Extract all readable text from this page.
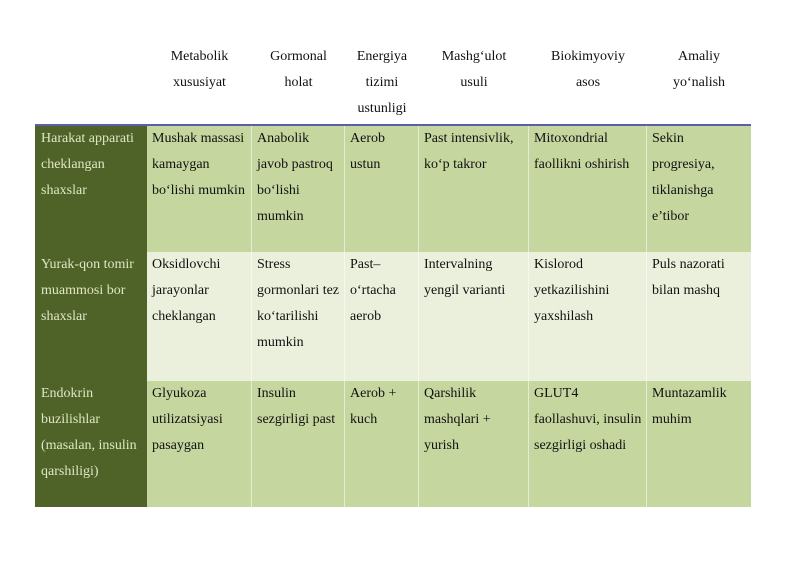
Metabolik
xususiyat
Gormonal
holat
Energiya
tizimi
ustunligi
Mashg‘ulot
usuli
Biokimyoviy
asos
Amaliy
yo‘nalish
Harakat apparati cheklangan shaxslar
Mushak massasi kamaygan bo‘lishi mumkin
Anabolik javob pastroq bo‘lishi mumkin
Aerob ustun
Past intensivlik, ko‘p takror
Mitoxondrial faollikni oshirish
Sekin progresiya, tiklanishga e’tibor
Yurak-qon tomir muammosi bor shaxslar
Oksidlovchi jarayonlar cheklangan
Stress gormonlari tez ko‘tarilishi mumkin
Past–o‘rtacha aerob
Intervalning yengil varianti
Kislorod yetkazilishini yaxshilash
Puls nazorati bilan mashq
Endokrin buzilishlar (masalan, insulin qarshiligi)
Glyukoza utilizatsiyasi pasaygan
Insulin sezgirligi past
Aerob + kuch
Qarshilik mashqlari + yurish
GLUT4 faollashuvi, insulin sezgirligi oshadi
Muntazamlik muhim
